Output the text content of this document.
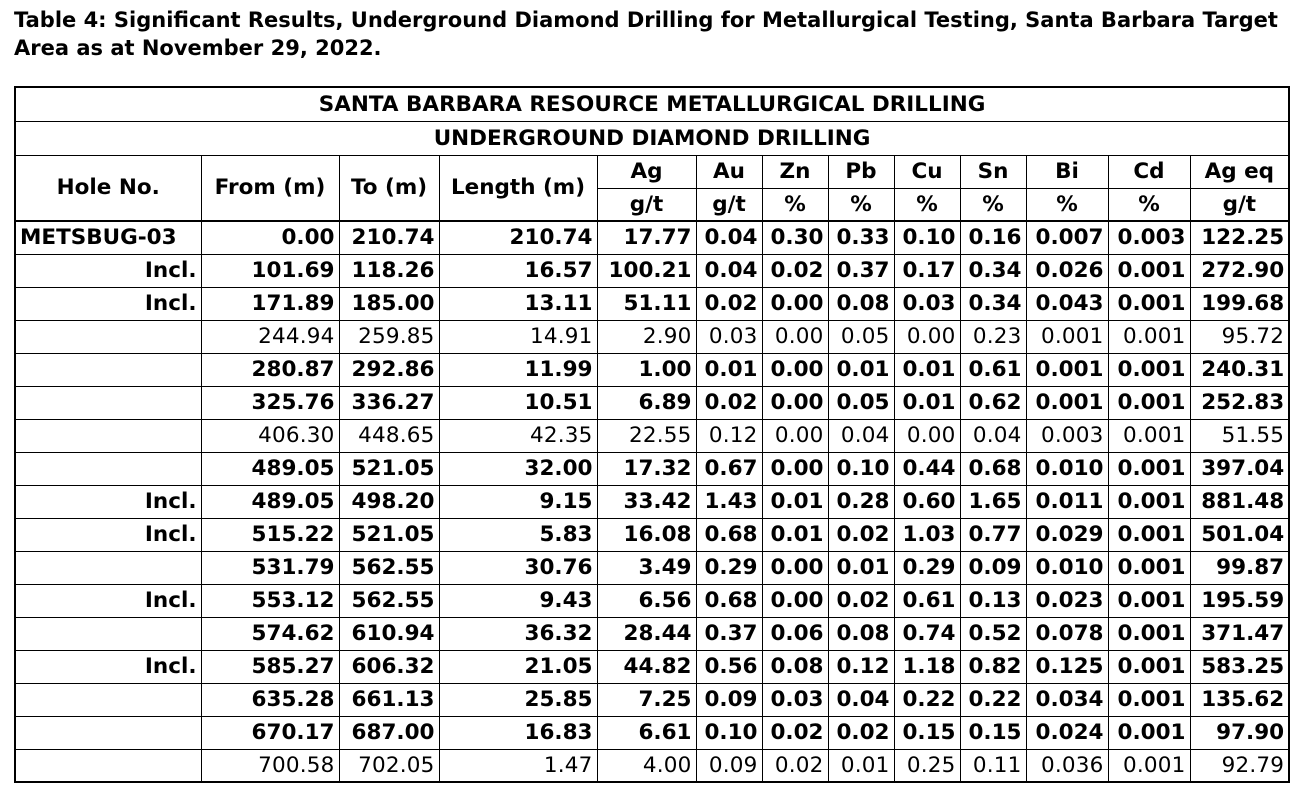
Table 4: Significant Results, Underground Diamond Drilling for Metallurgical Testing, Santa Barbara Target Area as at November 29, 2022.
SANTA BARBARA RESOURCE METALLURGICAL DRILLING												
UNDERGROUND DIAMOND DRILLING												
Hole No.	From (m)	To (m)	Length (m)	Ag	Au	Zn	Pb	Cu	Sn	Bi	Cd	Ag eq
				g/t	g/t	%	%	%	%	%	%	g/t
METSBUG-03	0.00	210.74	210.74	17.77	0.04	0.30	0.33	0.10	0.16	0.007	0.003	122.25
Incl.	101.69	118.26	16.57	100.21	0.04	0.02	0.37	0.17	0.34	0.026	0.001	272.90
Incl.	171.89	185.00	13.11	51.11	0.02	0.00	0.08	0.03	0.34	0.043	0.001	199.68
	244.94	259.85	14.91	2.90	0.03	0.00	0.05	0.00	0.23	0.001	0.001	95.72
	280.87	292.86	11.99	1.00	0.01	0.00	0.01	0.01	0.61	0.001	0.001	240.31
	325.76	336.27	10.51	6.89	0.02	0.00	0.05	0.01	0.62	0.001	0.001	252.83
	406.30	448.65	42.35	22.55	0.12	0.00	0.04	0.00	0.04	0.003	0.001	51.55
	489.05	521.05	32.00	17.32	0.67	0.00	0.10	0.44	0.68	0.010	0.001	397.04
Incl.	489.05	498.20	9.15	33.42	1.43	0.01	0.28	0.60	1.65	0.011	0.001	881.48
Incl.	515.22	521.05	5.83	16.08	0.68	0.01	0.02	1.03	0.77	0.029	0.001	501.04
	531.79	562.55	30.76	3.49	0.29	0.00	0.01	0.29	0.09	0.010	0.001	99.87
Incl.	553.12	562.55	9.43	6.56	0.68	0.00	0.02	0.61	0.13	0.023	0.001	195.59
	574.62	610.94	36.32	28.44	0.37	0.06	0.08	0.74	0.52	0.078	0.001	371.47
Incl.	585.27	606.32	21.05	44.82	0.56	0.08	0.12	1.18	0.82	0.125	0.001	583.25
	635.28	661.13	25.85	7.25	0.09	0.03	0.04	0.22	0.22	0.034	0.001	135.62
	670.17	687.00	16.83	6.61	0.10	0.02	0.02	0.15	0.15	0.024	0.001	97.90
	700.58	702.05	1.47	4.00	0.09	0.02	0.01	0.25	0.11	0.036	0.001	92.79
